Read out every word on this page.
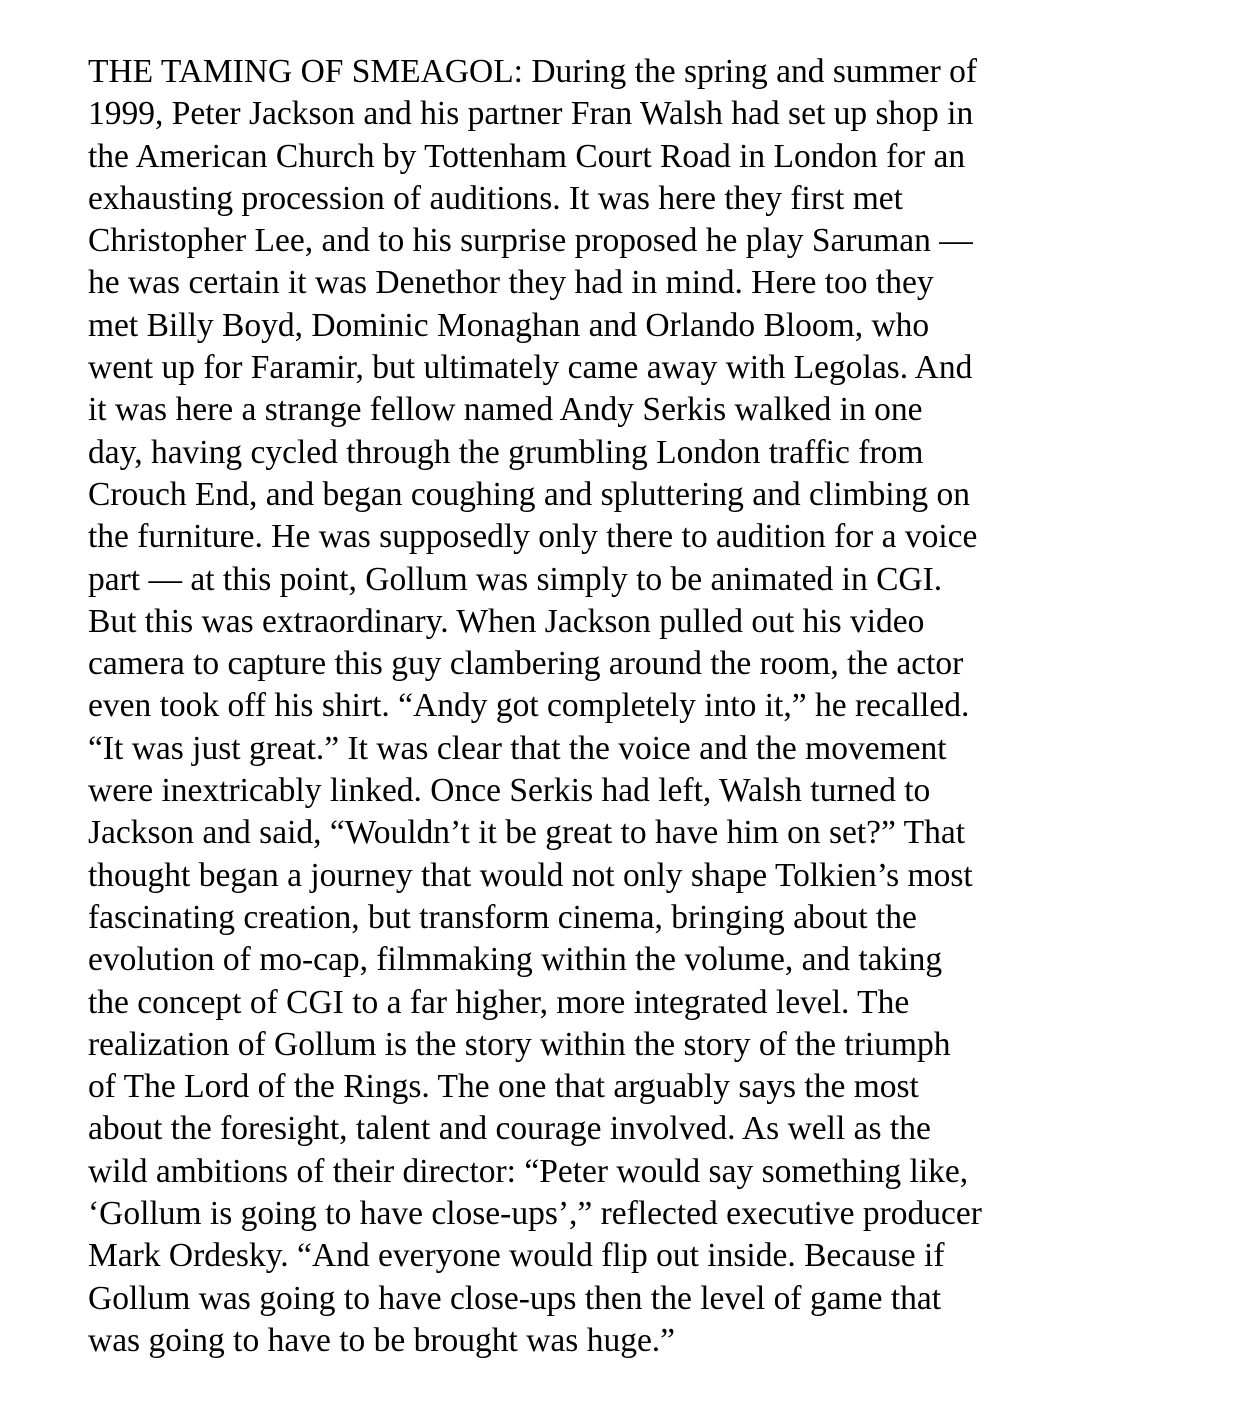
THE TAMING OF SMEAGOL: During the spring and summer of
1999, Peter Jackson and his partner Fran Walsh had set up shop in
the American Church by Tottenham Court Road in London for an
exhausting procession of auditions. It was here they first met
Christopher Lee, and to his surprise proposed he play Saruman —
he was certain it was Denethor they had in mind. Here too they
met Billy Boyd, Dominic Monaghan and Orlando Bloom, who
went up for Faramir, but ultimately came away with Legolas. And
it was here a strange fellow named Andy Serkis walked in one
day, having cycled through the grumbling London traffic from
Crouch End, and began coughing and spluttering and climbing on
the furniture. He was supposedly only there to audition for a voice
part — at this point, Gollum was simply to be animated in CGI.
But this was extraordinary. When Jackson pulled out his video
camera to capture this guy clambering around the room, the actor
even took off his shirt. “Andy got completely into it,” he recalled.
“It was just great.” It was clear that the voice and the movement
were inextricably linked. Once Serkis had left, Walsh turned to
Jackson and said, “Wouldn’t it be great to have him on set?” That
thought began a journey that would not only shape Tolkien’s most
fascinating creation, but transform cinema, bringing about the
evolution of mo-cap, filmmaking within the volume, and taking
the concept of CGI to a far higher, more integrated level. The
realization of Gollum is the story within the story of the triumph
of The Lord of the Rings. The one that arguably says the most
about the foresight, talent and courage involved. As well as the
wild ambitions of their director: “Peter would say something like,
‘Gollum is going to have close-ups’,” reflected executive producer
Mark Ordesky. “And everyone would flip out inside. Because if
Gollum was going to have close-ups then the level of game that
was going to have to be brought was huge.”
